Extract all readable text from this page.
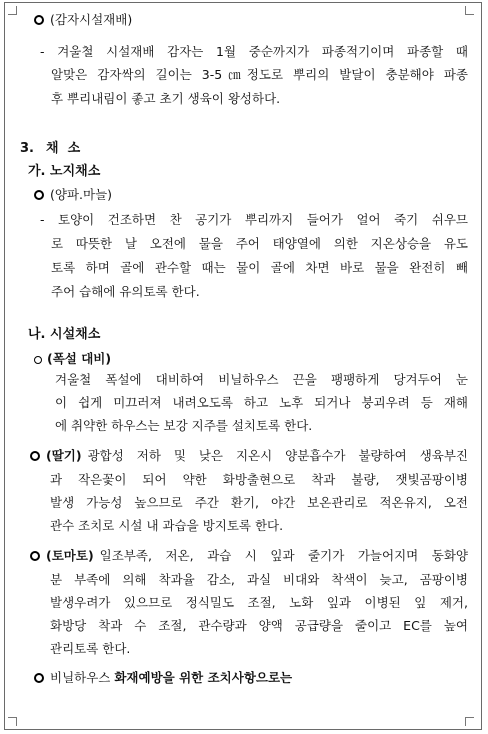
(감자시설재배)
- 겨울철 시설재배 감자는 1월 중순까지가 파종적기이며 파종할 때
알맞은 감자싹의 길이는 3-5㎝정도로 뿌리의 발달이 충분해야 파종
후 뿌리내림이 좋고 초기 생육이 왕성하다.
3. 채  소
가. 노지채소
(양파.마늘)
- 토양이 건조하면 찬 공기가 뿌리까지 들어가 얼어 죽기 쉬우므
로 따뜻한 날 오전에 물을 주어 태양열에 의한 지온상승을 유도
토록 하며 골에 관수할 때는 물이 골에 차면 바로 물을 완전히 빼
주어 습해에 유의토록 한다.
나. 시설채소
(폭설 대비)
겨울철 폭설에 대비하여 비닐하우스 끈을 팽팽하게 당겨두어 눈
이 쉽게 미끄러져 내려오도록 하고 노후 되거나 붕괴우려 등 재해
에 취약한 하우스는 보강 지주를 설치토록 한다.
(딸기) 광합성 저하 및 낮은 지온시 양분흡수가 불량하여 생육부진
과 작은꽃이 되어 약한 화방출현으로 착과 불량, 잿빛곰팡이병
발생 가능성 높으므로 주간 환기, 야간 보온관리로 적온유지, 오전
관수 조치로 시설 내 과습을 방지토록 한다.
(토마토) 일조부족, 저온, 과습 시 잎과 줄기가 가늘어지며 동화양
분 부족에 의해 착과율 감소, 과실 비대와 착색이 늦고, 곰팡이병
발생우려가 있으므로 정식밀도 조절, 노화 잎과 이병된 잎 제거,
화방당 착과 수 조절, 관수량과 양액 공급량을 줄이고 EC를 높여
관리토록 한다.
비닐하우스 화재예방을 위한 조치사항으로는
